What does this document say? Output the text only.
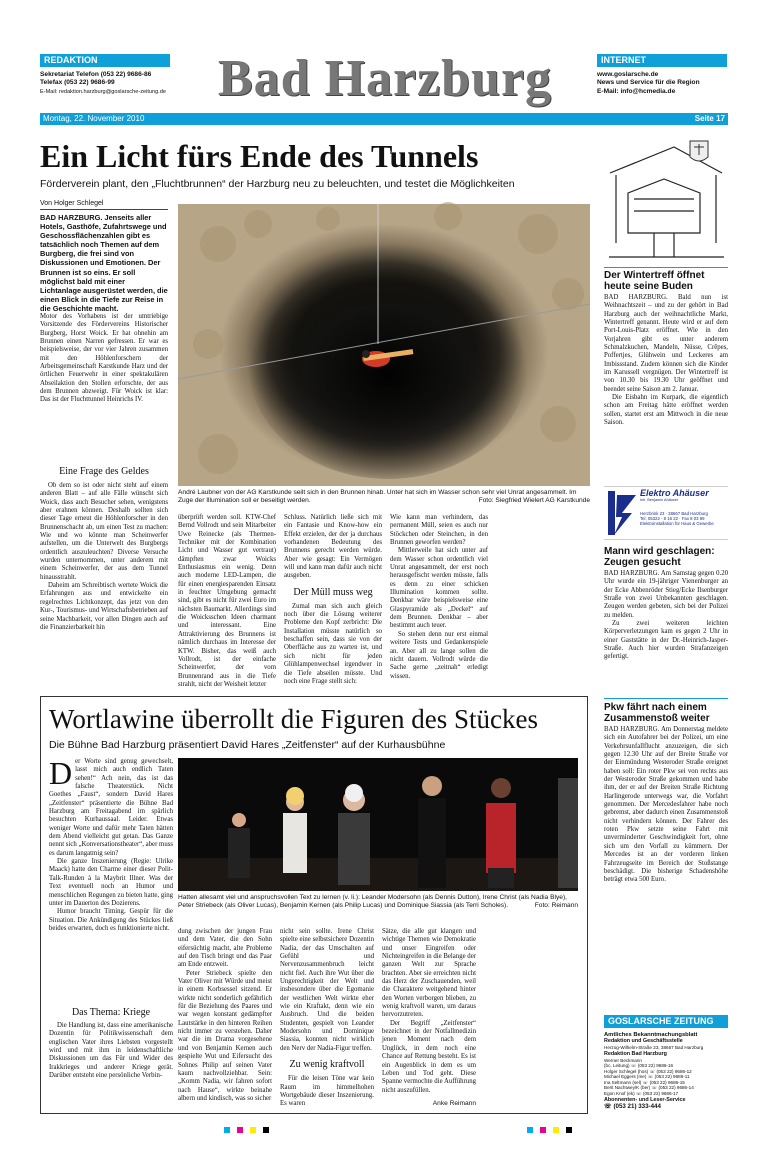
REDAKTION
Sekretariat Telefon (053 22) 9686-86
Telefax (053 22) 9686-99
E-Mail: redaktion.harzburg@goslarsche-zeitung.de Bad Harzburg	INTERNET
www.goslarsche.de
News und Service für die Region
E-Mail: info@hcmedia.de
Montag, 22. November 2010	Seite 17
Ein Licht fürs Ende des Tunnels
Förderverein plant, den „Fluchtbrunnen“ der Harzburg neu zu beleuchten, und testet die Möglichkeiten
Von Holger Schlegel
BAD HARZBURG. Jenseits aller Hotels, Gasthöfe, Zufahrtswege und Geschossflächenzahlen gibt es tatsächlich noch Themen auf dem Burgberg, die frei sind von Diskussionen und Emotionen. Der Brunnen ist so eins. Er soll möglichst bald mit einer Lichtanlage ausgerüstet werden, die einen Blick in die Tiefe zur Reise in die Geschichte macht.

Motor des Vorhabens ist der umtriebige Vorsitzende des Fördervereins Historischer Burgberg, Horst Woick. Er hat ohnehin am Brunnen einen Narren gefressen. Er war es beispielsweise, der vor vier Jahren zusammen mit den Höhlenforschern der Arbeitsgemeinschaft Karstkunde Harz und der örtlichen Feuerwehr in einer spektakulären Abseilaktion den Stollen erforschte, der aus dem Brunnen abzweigt. Für Woick ist klar: Das ist der Fluchttunnel Heinrichs IV.

Eine Frage des Geldes

Ob dem so ist oder nicht steht auf einem anderen Blatt – auf alle Fälle wünscht sich Woick, dass auch Besucher sehen, wenigstens aber erahnen können. Deshalb sollten sich dieser Tage erneut die Höhlenforscher in den Brunnenschacht ab, um einen Test zu machen: Wie und wo könnte man Scheinwerfer aufstellen, um die Unterwelt des Burgbergs ordentlich auszuleuchten? Diverse Versuche wurden unternommen, unter anderem mit einem Scheinwerfer, der aus dem Tunnel hinausstrahlt.

Daheim am Schreibtisch wertete Woick die Erfahrungen aus und entwickelte ein regelrechtes Lichtkonzept, das jetzt von den Kur-, Tourismus- und Wirtschaftsbetrieben auf seine Machbarkeit, vor allen Dingen auch auf die Finanzierbarkeit hin

André Laubner von der AG Karstkunde seilt sich in den Brunnen hinab. Unter hat sich im Wasser schon sehr viel Unrat angesammelt. Im Zuge der Illumination soll er beseitigt werden.	Foto: Siegfried Wielert AG Karstkunde

überprüft werden soll. KTW-Chef Bernd Vollrodt und sein Mitarbeiter Uwe Reinecke (als Thermen-Techniker mit der Kombination Licht und Wasser gut vertraut) dämpften zwar Woicks Enthusiasmus ein wenig. Denn auch moderne LED-Lampen, die für einen energiesparenden Einsatz in feuchter Umgebung gemacht sind, gibt es nicht für zwei Euro im nächsten Baumarkt. Allerdings sind die Woicksschen Ideen charmant und interessant. Eine Attraktivierung des Brunnens ist nämlich durchaus im Interesse der KTW. Bisher, das weiß auch Vollrodt, ist der einfache Scheinwerfer, der vom Brunnenrand aus in die Tiefe strahlt, nicht der Weisheit letzter

Schluss. Natürlich ließe sich mit ein Fantasie und Know-how ein Effekt erzielen, der der ja durchaus vorhandenen Bedeutung des Brunnens gerecht werden würde. Aber wie gesagt: Ein Vermögen will und kann man dafür auch nicht ausgeben.

Der Müll muss weg

Zumal man sich auch gleich noch über die Lösung weiterer Probleme den Kopf zerbricht: Die Installation müsste natürlich so beschaffen sein, dass sie von der Oberfläche aus zu warten ist, und sich nicht für jeden Glühlampenwechsel irgendwer in die Tiefe abseilen müsste. Und noch eine Frage stellt sich:

Wie kann man verhindern, das permanent Müll, seien es auch nur Stöckchen oder Steinchen, in den Brunnen geworfen werden?

Mittlerweile hat sich unter auf dem Wasser schon ordentlich viel Unrat angesammelt, der erst noch herausgefischt werden müsste, falls es denn zu einer schicken Illumination kommen sollte. Denkbar wäre beispielsweise eine Glaspyramide als „Deckel“ auf dem Brunnen. Denkbar – aber bestimmt auch teuer.

So stehen denn nur erst einmal weitere Tests und Gedankenspiele an. Aber all zu lange sollen die nicht dauern. Vollrodt würde die Sache gerne „zeitnah“ erledigt wissen.

Wortlawine überrollt die Figuren des Stückes
Die Bühne Bad Harzburg präsentiert David Hares „Zeitfenster“ auf der Kurhausbühne
D er Worte sind genug gewechselt, lasst mich auch endlich Taten sehen!“ Ach nein, das ist das falsche Theaterstück. Nicht Goethes „Faust“, sondern David Hares „Zeitfenster“ präsentierte die Bühne Bad Harzburg am Freitagabend im spärlich besuchten Kurhaussaal. Leider. Etwas weniger Worte und dafür mehr Taten hätten dem Abend vielleicht gut getan. Das Ganze nennt sich „Konversationstheater“, aber muss es darum langatmig sein?

Die ganze Inszenierung (Regie: Ulrike Maack) hatte den Charme einer dieser Polit-Talk-Runden à la Maybrit Illner. Was der Text eventuell noch an Humor und menschlichen Regungen zu bieten hatte, ging unter im Dauerton des Dozierens.

Humor braucht Timing, Gespür für die Situation. Die Ankündigung des Stückes ließ beides erwarten, doch es funktionierte nicht.

Das Thema: Kriege

Die Handlung ist, dass eine amerikanische Dozentin für Politikwissenschaft dem englischen Vater ihres Liebsten vorgestellt wird und mit ihm in leidenschaftliche Diskussionen um das Für und Wider des Irakkrieges und anderer Kriege gerät. Darüber entsteht eine persönliche Verbin-

Hatten allesamt viel und anspruchsvollen Text zu lernen (v. li.): Leander Modersohn (als Dennis Dutton), Irene Christ (als Nadia Blye), Peter Striebeck (als Oliver Lucas), Benjamin Kernen (als Philip Lucas) und Dominique Siassia (als Terri Scholes).	Foto: Reimann

dung zwischen der jungen Frau und dem Vater, die den Sohn eifersüchtig macht, alte Probleme auf den Tisch bringt und das Paar am Ende entzweit.

Peter Striebeck spielte den Vater Oliver mit Würde und meist in einem Korbsessel sitzend. Er wirkte nicht sonderlich gefährlich für die Beziehung des Paares und war wegen konstant gedämpfter Lautstärke in den hinteren Reihen nicht immer zu verstehen. Daher war die im Drama vorgesehene und von Benjamin Kernen auch gespielte Wut und Eifersucht des Sohnes Philip auf seinen Vater kaum nachvollziehbar. Sein: „Komm Nadia, wir fahren sofort nach Hause“, wirkte beinahe albern und kindisch, was so sicher

nicht sein sollte. Irene Christ spielte eine selbstsichere Dozentin Nadia, der das Umschalten auf Gefühl und Nervenzusammenbruch leicht nicht fiel. Auch ihre Wut über die Ungerechtigkeit der Welt und insbesondere über die Egomanie der westlichen Welt wirkte eher wie ein Kraftakt, denn wie ein Ausbruch. Und die beiden Studenten, gespielt von Leander Modersohn und Dominique Siassia, konnten nicht wirklich den Nerv der Nadia-Figur treffen.

Zu wenig kraftvoll

Für die leisen Töne war kein Raum im himmelhohen Wortgebäude dieser Inszenierung. Es waren

Sätze, die alle gut klangen und wichtige Themen wie Demokratie und unser Eingreifen oder Nichteingreifen in die Belange der ganzen Welt zur Sprache brachten. Aber sie erreichten nicht das Herz der Zuschauenden, weil die Charaktere weitgehend hinter den Worten verborgen blieben, zu wenig kraftvoll waren, um daraus hervorzutreten.

Der Begriff „Zeitfenster“ bezeichnet in der Notfallmedizin jenen Moment nach dem Unglück, in dem noch eine Chance auf Rettung besteht. Es ist ein Augenblick in dem es um Leben und Tod geht. Diese Spanne vermochte die Aufführung nicht auszufüllen.

Anke Reimann
Der Wintertreff öffnet heute seine Buden

BAD HARZBURG. Bald nun ist Weihnachtszeit – und zu der gehört in Bad Harzburg auch der weihnachtliche Markt, Wintertreff genannt. Heute wird er auf dem Port-Louis-Platz eröffnet. Wie in den Vorjahren gibt es unter anderem Schmalzkuchen, Mandeln, Nüsse, Crêpes, Poffertjes, Glühwein und Leckeres am Imbissstand. Zudem können sich die Kinder im Karussell vergnügen. Der Wintertreff ist von 10.30 bis 19.30 Uhr geöffnet und beendet seine Saison am 2. Januar.

Die Eisbahn im Kurpark, die eigentlich schon am Freitag hätte eröffnet werden sollen, startet erst am Mittwoch in die neue Saison.

Elektro Ahäuser
Inh. Benjamin Ahäuser
Herzbrink 23 · 38667 Bad Harzburg
Tel. 05322 - 8 16 22 · Fax 8 03 99
Elektroinstallation für Haus & Gewerbe
Mann wird geschlagen: Zeugen gesucht

BAD HARZBURG. Am Samstag gegen 0.20 Uhr wurde ein 19-jähriger Vienenburger an der Ecke Abbenröder Stieg/Ecke Ilsenburger Straße von zwei Unbekannten geschlagen. Zeugen werden gebeten, sich bei der Polizei zu melden.

Zu zwei weiteren leichten Körperverletzungen kam es gegen 2 Uhr in einer Gaststätte in der Dr.-Heinrich-Jasper-Straße. Auch hier wurden Strafanzeigen gefertigt.

Pkw fährt nach einem Zusammenstoß weiter

BAD HARZBURG. Am Donnerstag meldete sich ein Autofahrer bei der Polizei, um eine Verkehrsunfallflucht anzuzeigen, die sich gegen 12.30 Uhr auf der Breite Straße vor der Einmündung Westeroder Straße ereignet haben soll: Ein roter Pkw sei von rechts aus der Westeroder Straße gekommen und habe ihm, der er auf der Breiten Straße Richtung Harlingerode unterwegs war, die Vorfahrt genommen. Der Mercedesfahrer habe noch gebremst, aber dadurch einen Zusammenstoß nicht verhindern können. Der Fahrer des roten Pkw setzte seine Fahrt mit unverminderter Geschwindigkeit fort, ohne sich um den Vorfall zu kümmern. Der Mercedes ist an der vorderen linken Fahrzeugseite im Bereich der Stoßstange beschädigt. Die bisherige Schadenshöhe beträgt etwa 500 Euro.

GOSLARSCHE ZEITUNG
Amtliches Bekanntmachungsblatt
Redaktion und Geschäftsstelle
Herzog-Wilhelm-Straße 23, 38667 Bad Harzburg
Redaktion Bad Harzburg
Werner Beckmann
(bc, Leitung) ☏ (053 22) 9686-16
Holger Schlegel (hos) ☏ (053 22) 9686-12
Michael Eggers (me) ☏ (053 22) 9686-11
Ina Seltmann (sel) ☏ (053 22) 9686-15
Berit Nachtwey/K (ber) ☏ (053 22) 9686-14
Egon Knof (ek) ☏ (053 22) 9686-17
Abonnenten- und Leser-Service
☏ (053 21) 333-444
